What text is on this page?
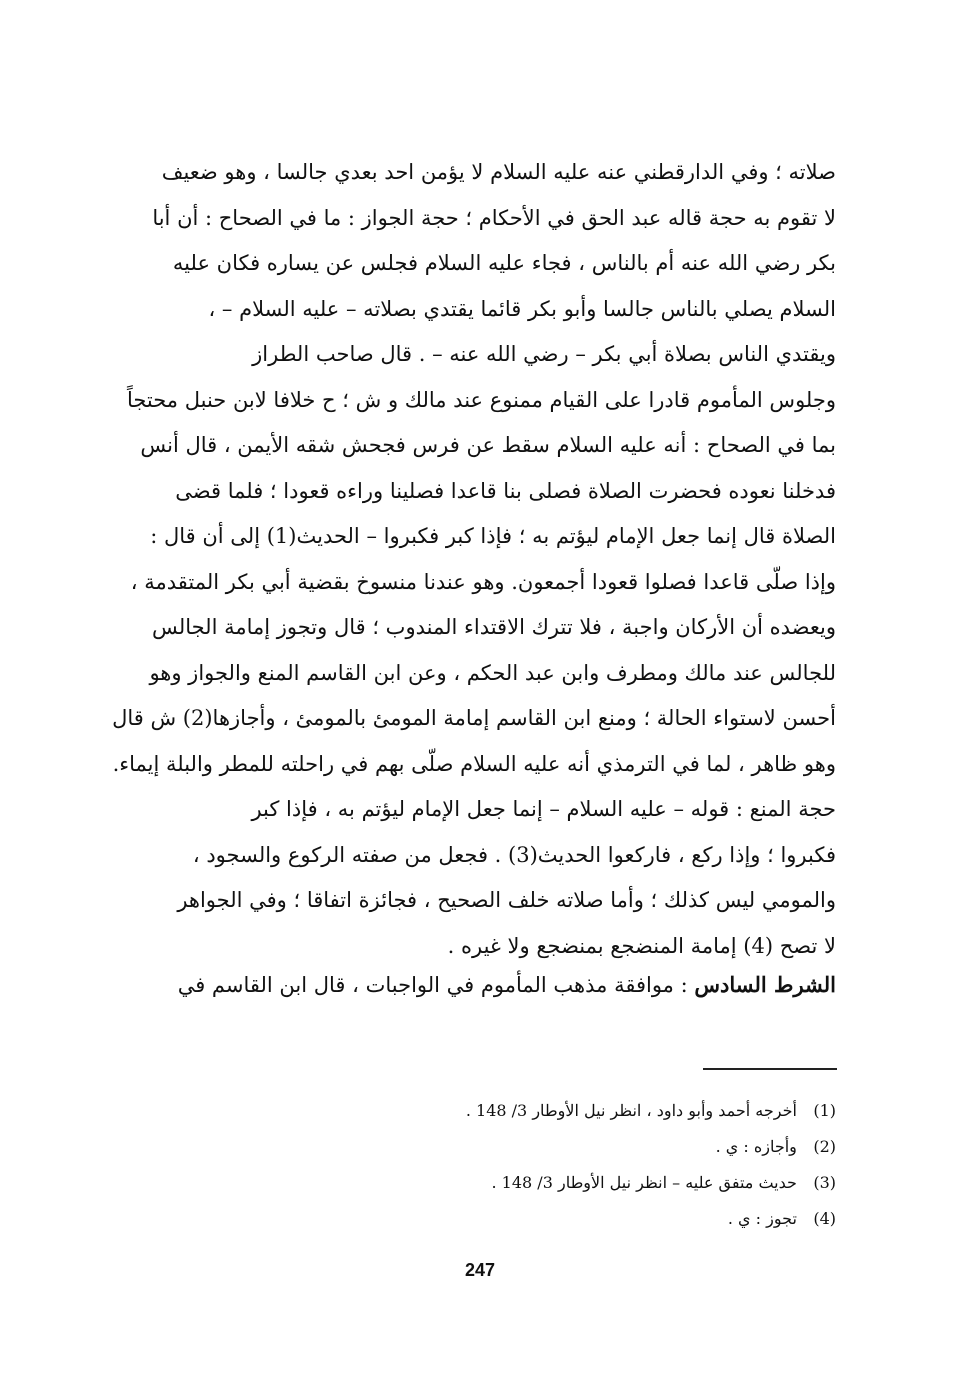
صلاته ؛ وفي الدارقطني عنه عليه السلام لا يؤمن احد بعدي جالسا ، وهو ضعيف
لا تقوم به حجة قاله عبد الحق في الأحكام ؛ حجة الجواز : ما في الصحاح : أن أبا
بكر رضي الله عنه أم بالناس ، فجاء عليه السلام فجلس عن يساره فكان عليه
السلام يصلي بالناس جالسا وأبو بكر قائما يقتدي بصلاته – عليه السلام – ،
ويقتدي الناس بصلاة أبي بكر – رضي الله عنه – . قال صاحب الطراز
وجلوس المأموم قادرا على القيام ممنوع عند مالك و ش ؛ ح خلافا لابن حنبل محتجاً
بما في الصحاح : أنه عليه السلام سقط عن فرس فجحش شقه الأيمن ، قال أنس
فدخلنا نعوده فحضرت الصلاة فصلى بنا قاعدا فصلينا وراءه قعودا ؛ فلما قضى
الصلاة قال إنما جعل الإمام ليؤتم به ؛ فإذا كبر فكبروا – الحديث(1) إلى أن قال :
وإذا صلّى قاعدا فصلوا قعودا أجمعون. وهو عندنا منسوخ بقضية أبي بكر المتقدمة ،
ويعضده أن الأركان واجبة ، فلا تترك الاقتداء المندوب ؛ قال وتجوز إمامة الجالس
للجالس عند مالك ومطرف وابن عبد الحكم ، وعن ابن القاسم المنع والجواز وهو
أحسن لاستواء الحالة ؛ ومنع ابن القاسم إمامة المومئ بالمومئ ، وأجازها(2) ش قال
وهو ظاهر ، لما في الترمذي أنه عليه السلام صلّى بهم في راحلته للمطر والبلة إيماء.
حجة المنع : قوله – عليه السلام – إنما جعل الإمام ليؤتم به ، فإذا كبر
فكبروا ؛ وإذا ركع ، فاركعوا الحديث(3) . فجعل من صفته الركوع والسجود ،
والمومي ليس كذلك ؛ وأما صلاته خلف الصحيح ، فجائزة اتفاقا ؛ وفي الجواهر
لا تصح (4) إمامة المنضجع بمنضجع ولا غيره .
الشرط السادس : موافقة مذهب المأموم في الواجبات ، قال ابن القاسم في
(1) أخرجه أحمد وأبو داود ، انظر نيل الأوطار 3/ 148 .
(2) وأجازه : ي .
(3) حديث متفق عليه – انظر نيل الأوطار 3/ 148 .
(4) تجوز : ي .
247
